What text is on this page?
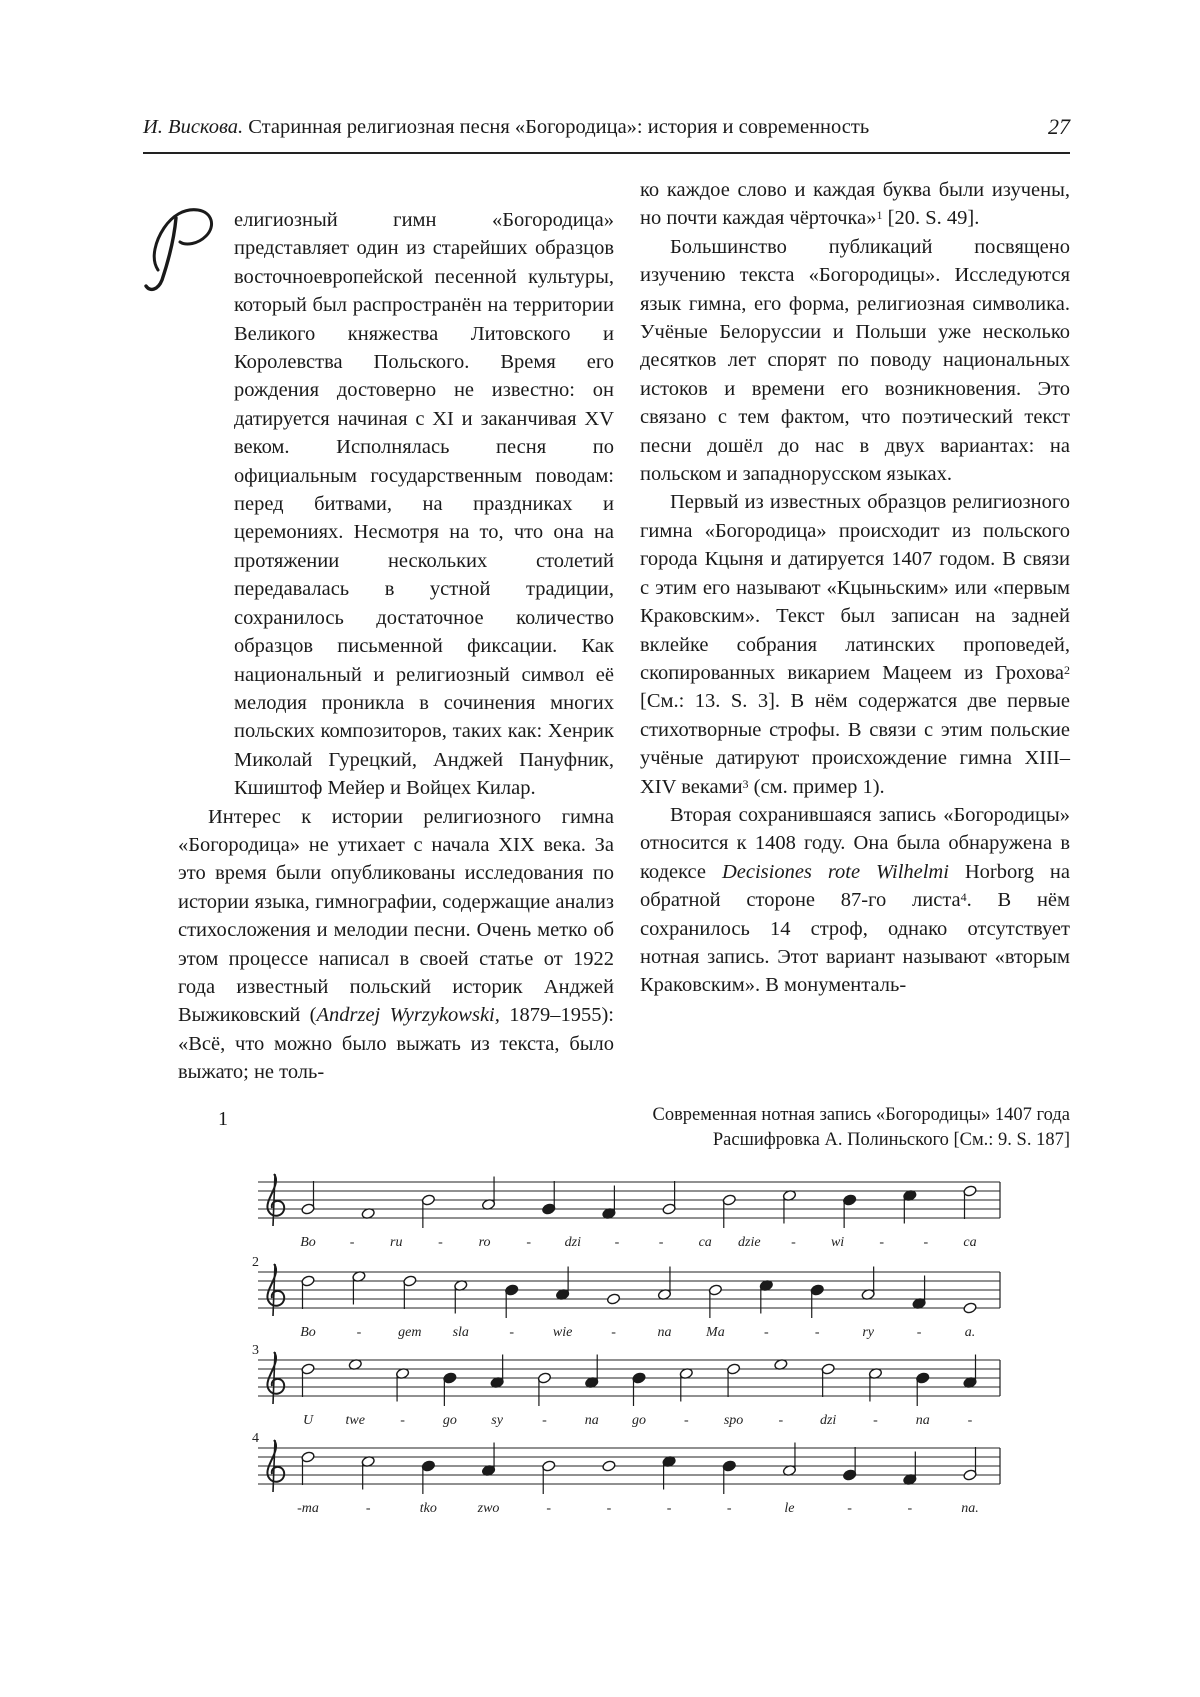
И. Вискова. Старинная религиозная песня «Богородица»: история и современность	27

елигиозный гимн «Богородица» представляет один из старейших образцов восточноевропейской песенной культуры, который был распространён на территории Великого княжества Литовского и Королевства Польского. Время его рождения достоверно не известно: он датируется начиная с XI и заканчивая XV веком. Исполнялась песня по официальным государственным поводам: перед битвами, на праздниках и церемониях. Несмотря на то, что она на протяжении нескольких столетий передавалась в устной традиции, сохранилось достаточное количество образцов письменной фиксации. Как национальный и религиозный символ её мелодия проникла в сочинения многих польских композиторов, таких как: Хенрик Миколай Гурецкий, Анджей Пануфник, Кшиштоф Мейер и Войцех Килар.

Интерес к истории религиозного гимна «Богородица» не утихает с начала XIX века. За это время были опубликованы исследования по истории языка, гимнографии, содержащие анализ стихосложения и мелодии песни. Очень метко об этом процессе написал в своей статье от 1922 года известный польский историк Анджей Выжиковский (Andrzej Wyrzykowski, 1879–1955): «Всё, что можно было выжать из текста, было выжато; не толь-

ко каждое слово и каждая буква были изучены, но почти каждая чёрточка»$^1$ [20. S. 49].

Большинство публикаций посвящено изучению текста «Богородицы». Исследуются язык гимна, его форма, религиозная символика. Учёные Белоруссии и Польши уже несколько десятков лет спорят по поводу национальных истоков и времени его возникновения. Это связано с тем фактом, что поэтический текст песни дошёл до нас в двух вариантах: на польском и западнорусском языках.

Первый из известных образцов религиозного гимна «Богородица» происходит из польского города Кцыня и датируется 1407 годом. В связи с этим его называют «Кцыньским» или «первым Краковским». Текст был записан на задней вклейке собрания латинских проповедей, скопированных викарием Мацеем из Грохова$^2$ [См.: 13. S. 3]. В нём содержатся две первые стихотворные строфы. В связи с этим польские учёные датируют происхождение гимна XIII–XIV веками$^3$ (см. пример 1).

Вторая сохранившаяся запись «Богородицы» относится к 1408 году. Она была обнаружена в кодексе Decisiones rote Wilhelmi Horborg на обратной стороне 87-го листа$^4$. В нём сохранилось 14 строф, однако отсутствует нотная запись. Этот вариант называют «вторым Краковским». В монументаль-

1	Современная нотная запись «Богородицы» 1407 года
Расшифровка А. Полиньского [См.: 9. S. 187]
Bo -	ru	-	ro	- dzi -	-	ca dzie -	wi	-	-	ca
2
Bo	-	gem sla	-	wie	-	na Ma	-	-	ry	-	a.
3
U twe	-	go sy	-	na go	-	spo	-	dzi	-	na	-
4
-ma	-	tko	zwo	-	-	-	-	le	-	-	na.
